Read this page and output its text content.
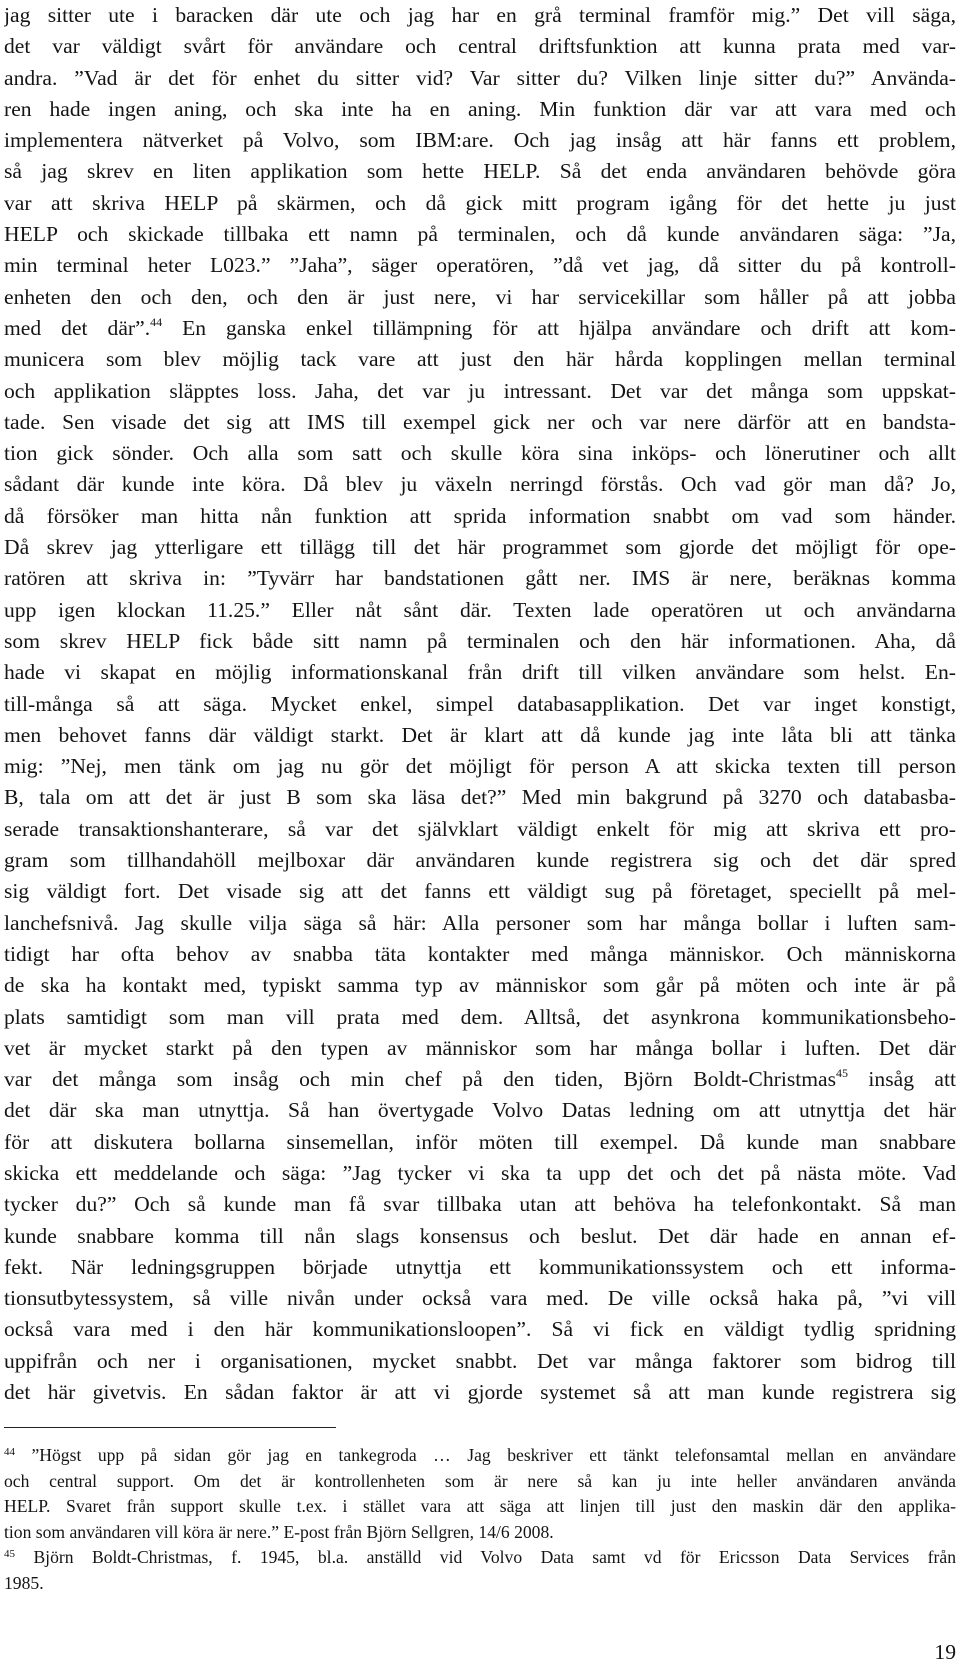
jag sitter ute i baracken där ute och jag har en grå terminal framför mig.” Det vill säga,
det var väldigt svårt för användare och central driftsfunktion att kunna prata med var-
andra. ”Vad är det för enhet du sitter vid? Var sitter du? Vilken linje sitter du?” Använda-
ren hade ingen aning, och ska inte ha en aning. Min funktion där var att vara med och
implementera nätverket på Volvo, som IBM:are. Och jag insåg att här fanns ett problem,
så jag skrev en liten applikation som hette HELP. Så det enda användaren behövde göra
var att skriva HELP på skärmen, och då gick mitt program igång för det hette ju just
HELP och skickade tillbaka ett namn på terminalen, och då kunde användaren säga: ”Ja,
min terminal heter L023.” ”Jaha”, säger operatören, ”då vet jag, då sitter du på kontroll-
enheten den och den, och den är just nere, vi har servicekillar som håller på att jobba
med det där”.$^{44}$ En ganska enkel tillämpning för att hjälpa användare och drift att kom-
municera som blev möjlig tack vare att just den här hårda kopplingen mellan terminal
och applikation släpptes loss. Jaha, det var ju intressant. Det var det många som uppskat-
tade. Sen visade det sig att IMS till exempel gick ner och var nere därför att en bandsta-
tion gick sönder. Och alla som satt och skulle köra sina inköps- och lönerutiner och allt
sådant där kunde inte köra. Då blev ju växeln nerringd förstås. Och vad gör man då? Jo,
då försöker man hitta nån funktion att sprida information snabbt om vad som händer.
Då skrev jag ytterligare ett tillägg till det här programmet som gjorde det möjligt för ope-
ratören att skriva in: ”Tyvärr har bandstationen gått ner. IMS är nere, beräknas komma
upp igen klockan 11.25.” Eller nåt sånt där. Texten lade operatören ut och användarna
som skrev HELP fick både sitt namn på terminalen och den här informationen. Aha, då
hade vi skapat en möjlig informationskanal från drift till vilken användare som helst. En-
till-många så att säga. Mycket enkel, simpel databasapplikation. Det var inget konstigt,
men behovet fanns där väldigt starkt. Det är klart att då kunde jag inte låta bli att tänka
mig: ”Nej, men tänk om jag nu gör det möjligt för person A att skicka texten till person
B, tala om att det är just B som ska läsa det?” Med min bakgrund på 3270 och databasba-
serade transaktionshanterare, så var det självklart väldigt enkelt för mig att skriva ett pro-
gram som tillhandahöll mejlboxar där användaren kunde registrera sig och det där spred
sig väldigt fort. Det visade sig att det fanns ett väldigt sug på företaget, speciellt på mel-
lanchefsnivå. Jag skulle vilja säga så här: Alla personer som har många bollar i luften sam-
tidigt har ofta behov av snabba täta kontakter med många människor. Och människorna
de ska ha kontakt med, typiskt samma typ av människor som går på möten och inte är på
plats samtidigt som man vill prata med dem. Alltså, det asynkrona kommunikationsbeho-
vet är mycket starkt på den typen av människor som har många bollar i luften. Det där
var det många som insåg och min chef på den tiden, Björn Boldt-Christmas$^{45}$ insåg att
det där ska man utnyttja. Så han övertygade Volvo Datas ledning om att utnyttja det här
för att diskutera bollarna sinsemellan, inför möten till exempel. Då kunde man snabbare
skicka ett meddelande och säga: ”Jag tycker vi ska ta upp det och det på nästa möte. Vad
tycker du?” Och så kunde man få svar tillbaka utan att behöva ha telefonkontakt. Så man
kunde snabbare komma till nån slags konsensus och beslut. Det där hade en annan ef-
fekt. När ledningsgruppen började utnyttja ett kommunikationssystem och ett informa-
tionsutbytessystem, så ville nivån under också vara med. De ville också haka på, ”vi vill
också vara med i den här kommunikationsloopen”. Så vi fick en väldigt tydlig spridning
uppifrån och ner i organisationen, mycket snabbt. Det var många faktorer som bidrog till
det här givetvis. En sådan faktor är att vi gjorde systemet så att man kunde registrera sig
$^{44}$ ”Högst upp på sidan gör jag en tankegroda … Jag beskriver ett tänkt telefonsamtal mellan en användare
och central support. Om det är kontrollenheten som är nere så kan ju inte heller användaren använda
HELP. Svaret från support skulle t.ex. i stället vara att säga att linjen till just den maskin där den applika-
tion som användaren vill köra är nere.” E-post från Björn Sellgren, 14/6 2008.
$^{45}$ Björn Boldt-Christmas, f. 1945, bl.a. anställd vid Volvo Data samt vd för Ericsson Data Services från
1985.
19
